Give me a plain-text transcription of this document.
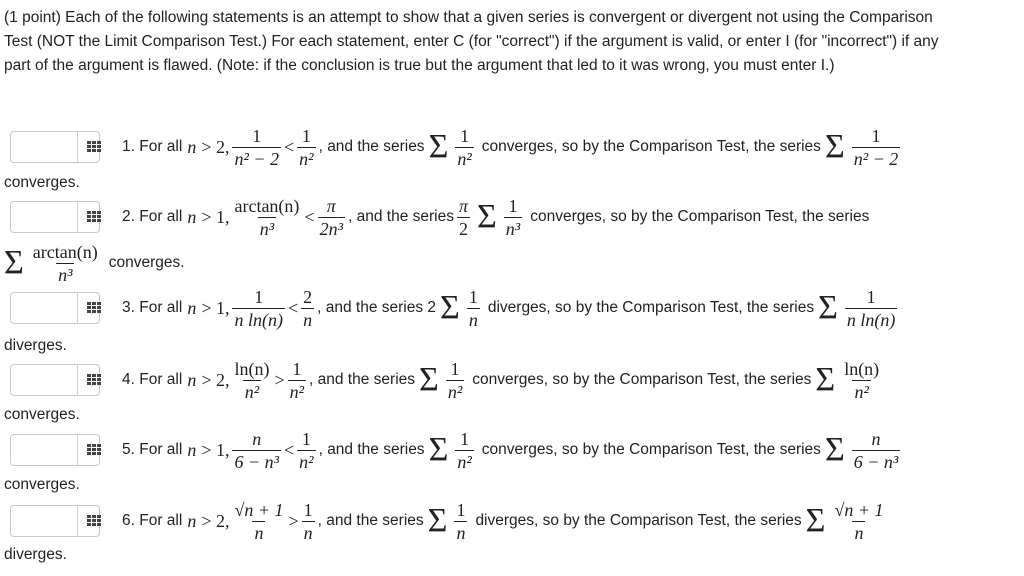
(1 point) Each of the following statements is an attempt to show that a given series is convergent or divergent not using the Comparison
Test (NOT the Limit Comparison Test.) For each statement, enter C (for "correct") if the argument is valid, or enter I (for "incorrect") if any
part of the argument is flawed. (Note: if the conclusion is true but the argument that led to it was wrong, you must enter I.)
1. For all n > 2, $\frac{1}{\text{n² − 2}} < \frac{1}{\text{n²}}$ , and the series Σ $\frac{1}{\text{n²}}$ converges, so by the Comparison Test, the series Σ $\frac{1}{\text{n² − 2}}$
converges.
2. For all n > 1, $\frac{\arctan(n)}{\text{n³}} < \frac{\pi}{\text{2n³}}$ , and the series $\frac{\pi}{2}$ Σ $\frac{1}{\text{n³}}$ converges, so by the Comparison Test, the series
Σ $\frac{\arctan(n)}{\text{n³}}$ converges.
3. For all n > 1, $\frac{1}{\text{n ln(n)}} < \frac{2}{n}$ , and the series 2 Σ $\frac{1}{n}$ diverges, so by the Comparison Test, the series Σ $\frac{1}{\text{n ln(n)}}$
diverges.
4. For all n > 2, $\frac{\ln(n)}{\text{n²}} > \frac{1}{\text{n²}}$ , and the series Σ $\frac{1}{\text{n²}}$ converges, so by the Comparison Test, the series Σ $\frac{\ln(n)}{\text{n²}}$
converges.
5. For all n > 1, $\frac{n}{\text{6 − n³}} < \frac{1}{\text{n²}}$ , and the series Σ $\frac{1}{\text{n²}}$ converges, so by the Comparison Test, the series Σ $\frac{n}{\text{6 − n³}}$
converges.
6. For all n > 2, $\frac{√n + 1}{n} > \frac{1}{n}$ , and the series Σ $\frac{1}{n}$ diverges, so by the Comparison Test, the series Σ $\frac{√n + 1}{n}$
diverges.
